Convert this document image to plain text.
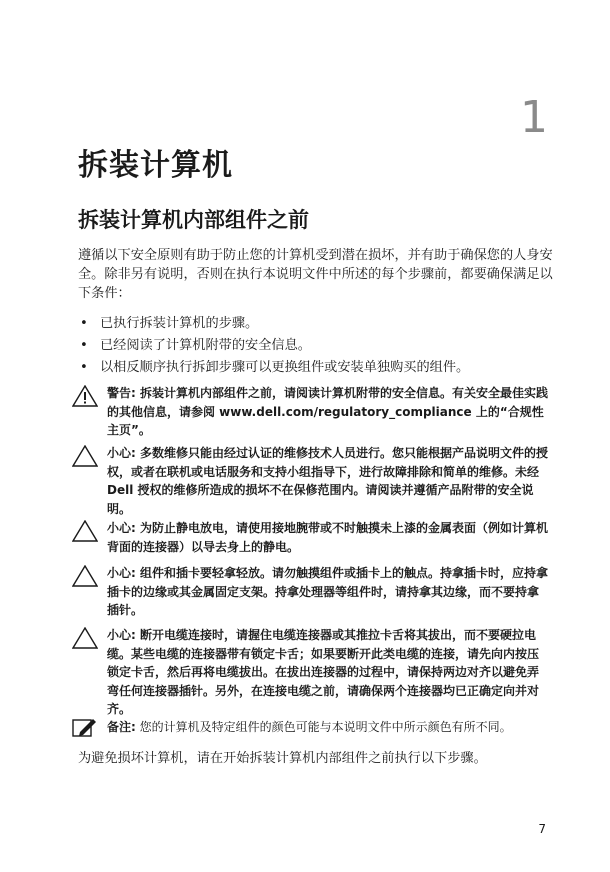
1
拆装计算机
拆装计算机内部组件之前
遵循以下安全原则有助于防止您的计算机受到潜在损坏，并有助于确保您的人身安全。除非另有说明，否则在执行本说明文件中所述的每个步骤前，都要确保满足以下条件：
• 已执行拆装计算机的步骤。
• 已经阅读了计算机附带的安全信息。
• 以相反顺序执行拆卸步骤可以更换组件或安装单独购买的组件。
警告: 拆装计算机内部组件之前，请阅读计算机附带的安全信息。有关安全最佳实践的其他信息，请参阅 www.dell.com/regulatory_compliance 上的“合规性主页”。
小心: 多数维修只能由经过认证的维修技术人员进行。您只能根据产品说明文件的授权，或者在联机或电话服务和支持小组指导下，进行故障排除和简单的维修。未经 Dell 授权的维修所造成的损坏不在保修范围内。请阅读并遵循产品附带的安全说明。
小心: 为防止静电放电，请使用接地腕带或不时触摸未上漆的金属表面（例如计算机背面的连接器）以导去身上的静电。
小心: 组件和插卡要轻拿轻放。请勿触摸组件或插卡上的触点。持拿插卡时，应持拿插卡的边缘或其金属固定支架。持拿处理器等组件时，请持拿其边缘，而不要持拿插针。
小心: 断开电缆连接时，请握住电缆连接器或其推拉卡舌将其拔出，而不要硬拉电缆。某些电缆的连接器带有锁定卡舌；如果要断开此类电缆的连接，请先向内按压锁定卡舌，然后再将电缆拔出。在拔出连接器的过程中，请保持两边对齐以避免弄弯任何连接器插针。另外，在连接电缆之前，请确保两个连接器均已正确定向并对齐。
备注: 您的计算机及特定组件的颜色可能与本说明文件中所示颜色有所不同。
为避免损坏计算机，请在开始拆装计算机内部组件之前执行以下步骤。
7
